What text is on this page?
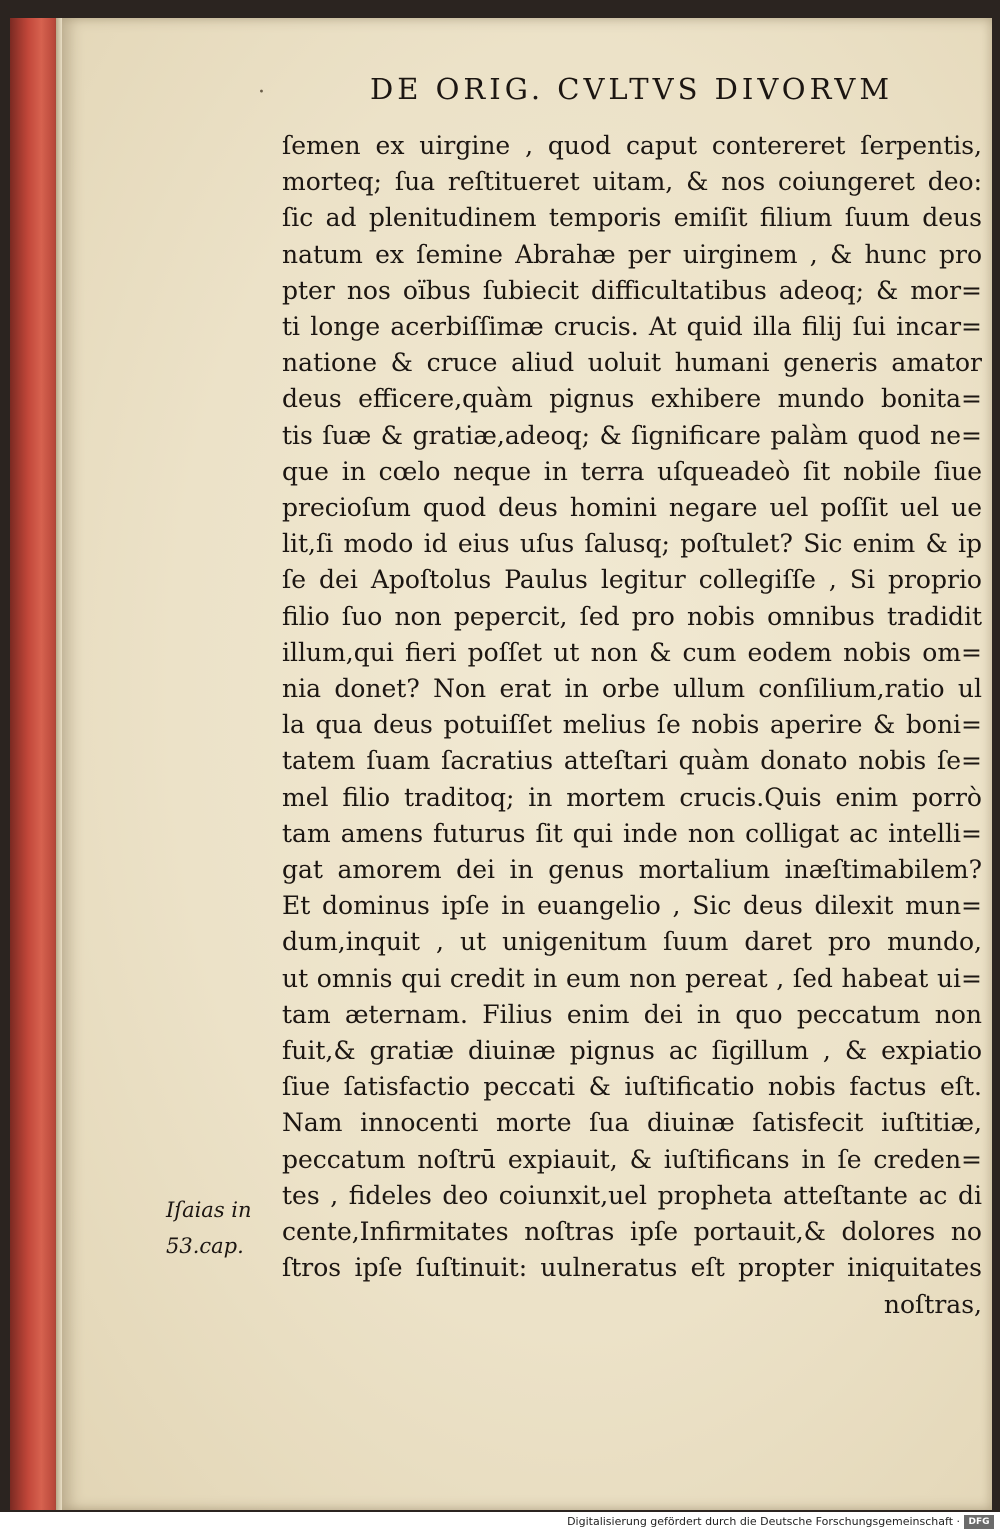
·	DE ORIG. CVLTVS DIVORVM
ſemen ex uirgine , quod caput contereret ſerpentis,
morteq; ſua reſtitueret uitam, & nos coiungeret deo:
ſic ad plenitudinem temporis emiſit filium ſuum deus
natum ex ſemine Abrahæ per uirginem , & hunc pro
pter nos oïbus ſubiecit difficultatibus adeoq; & mor=
ti longe acerbiſſimæ crucis. At quid illa filij ſui incar=
natione & cruce aliud uoluit humani generis amator
deus efficere,quàm pignus exhibere mundo bonita=
tis ſuæ & gratiæ,adeoq; & ſignificare palàm quod ne=
que in cœlo neque in terra uſqueadeò ſit nobile ſiue
precioſum quod deus homini negare uel poſſit uel ue
lit,ſi modo id eius uſus ſalusq; poſtulet? Sic enim & ip
ſe dei Apoſtolus Paulus legitur collegiſſe , Si proprio
filio ſuo non pepercit, ſed pro nobis omnibus tradidit
illum,qui fieri poſſet ut non & cum eodem nobis om=
nia donet? Non erat in orbe ullum conſilium,ratio ul
la qua deus potuiſſet melius ſe nobis aperire & boni=
tatem ſuam ſacratius atteſtari quàm donato nobis ſe=
mel filio traditoq; in mortem crucis.Quis enim porrò
tam amens futurus ſit qui inde non colligat ac intelli=
gat amorem dei in genus mortalium inæſtimabilem?
Et dominus ipſe in euangelio , Sic deus dilexit mun=
dum,inquit , ut unigenitum ſuum daret pro mundo,
ut omnis qui credit in eum non pereat , ſed habeat ui=
tam æternam. Filius enim dei in quo peccatum non
fuit,& gratiæ diuinæ pignus ac ſigillum , & expiatio
ſiue ſatisfactio peccati & iuſtificatio nobis factus eſt.
Nam innocenti morte ſua diuinæ ſatisfecit iuſtitiæ,
peccatum noſtrū expiauit, & iuſtificans in ſe creden=
tes , fideles deo coiunxit,uel propheta atteſtante ac di
cente,Infirmitates noſtras ipſe portauit,& dolores no
ſtros ipſe ſuſtinuit: uulneratus eſt propter iniquitates
noſtras,
Iſaias in
53.cap.
Digitalisierung gefördert durch die Deutsche Forschungsgemeinschaft · DFG
